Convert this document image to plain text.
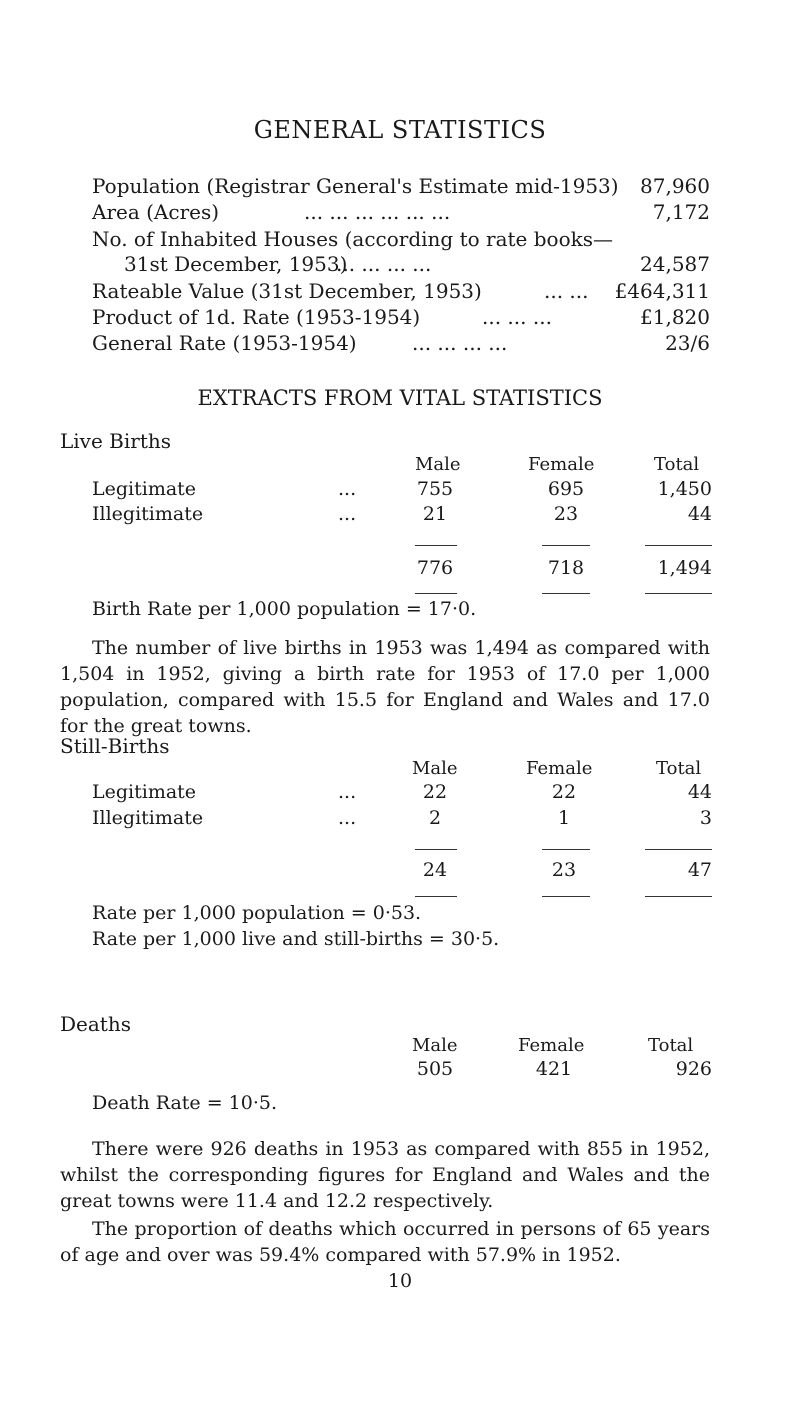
GENERAL STATISTICS
Population (Registrar General's Estimate mid-1953) 87,960
Area (Acres)	... ... ... ... ... ...	7,172
No. of Inhabited Houses (according to rate books—
31st December, 1953)
... ... ... ...	24,587
Rateable Value (31st December, 1953)	... ... £464,311
Product of 1d. Rate (1953-1954)	... ... ...	£1,820
General Rate (1953-1954)	... ... ... ...	23/6
EXTRACTS FROM VITAL STATISTICS
Live Births
Male	Female	Total
Legitimate	...	755	695	1,450
Illegitimate	...	21	23	44
776	718	1,494
Birth Rate per 1,000 population = 17·0.

The number of live births in 1953 was 1,494 as compared with 1,504 in 1952, giving a birth rate for 1953 of 17.0 per 1,000 population, compared with 15.5 for England and Wales and 17.0 for the great towns.

Still-Births
Male	Female	Total
Legitimate	...	22	22	44
Illegitimate	...	2	1	3
24	23	47
Rate per 1,000 population = 0·53.
Rate per 1,000 live and still-births = 30·5.
Deaths
Male	Female	Total
505	421	926
Death Rate = 10·5.

There were 926 deaths in 1953 as compared with 855 in 1952, whilst the corresponding figures for England and Wales and the great towns were 11.4 and 12.2 respectively.

The proportion of deaths which occurred in persons of 65 years of age and over was 59.4% compared with 57.9% in 1952.

10
